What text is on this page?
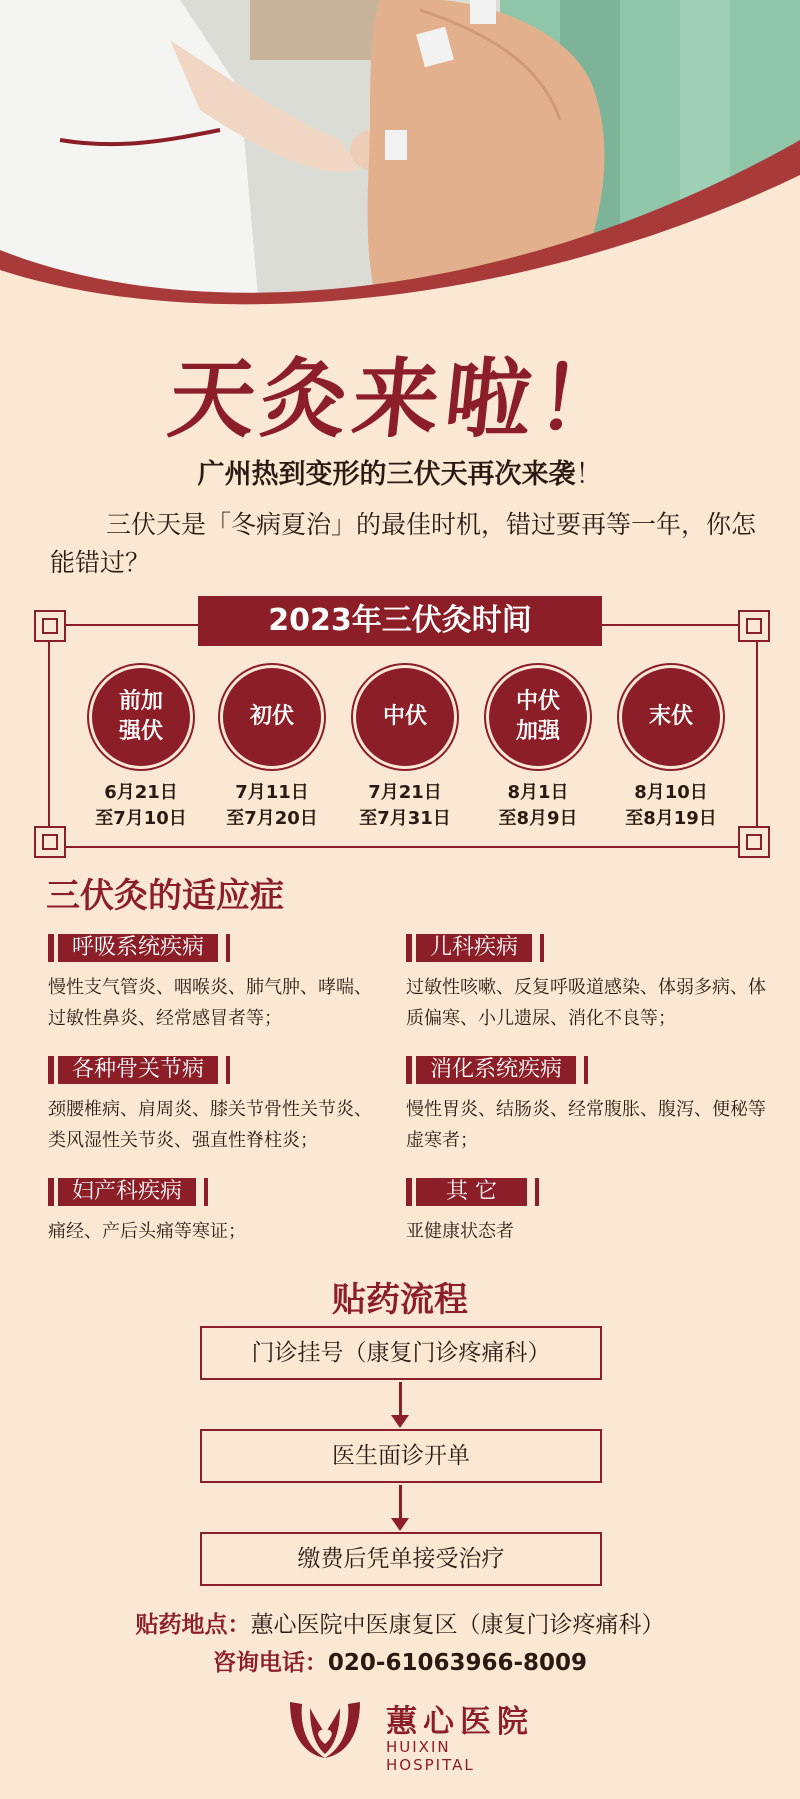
天灸来啦！
广州热到变形的三伏天再次来袭！
三伏天是「冬病夏治」的最佳时机，错过要再等一年，你怎能错过？
2023年三伏灸时间
前加
强伏
6月21日
至7月10日
初伏
7月11日
至7月20日
中伏
7月21日
至7月31日
中伏
加强
8月1日
至8月9日
末伏
8月10日
至8月19日
三伏灸的适应症
呼吸系统疾病
慢性支气管炎、咽喉炎、肺气肿、哮喘、过敏性鼻炎、经常感冒者等；
儿科疾病
过敏性咳嗽、反复呼吸道感染、体弱多病、体质偏寒、小儿遗尿、消化不良等；
各种骨关节病
颈腰椎病、肩周炎、膝关节骨性关节炎、类风湿性关节炎、强直性脊柱炎；
消化系统疾病
慢性胃炎、结肠炎、经常腹胀、腹泻、便秘等虚寒者；
妇产科疾病
痛经、产后头痛等寒证；
其 它
亚健康状态者
贴药流程
门诊挂号（康复门诊疼痛科）
医生面诊开单
缴费后凭单接受治疗
贴药地点：蕙心医院中医康复区（康复门诊疼痛科）
咨询电话：020-61063966-8009
蕙心医院
HUIXIN HOSPITAL
